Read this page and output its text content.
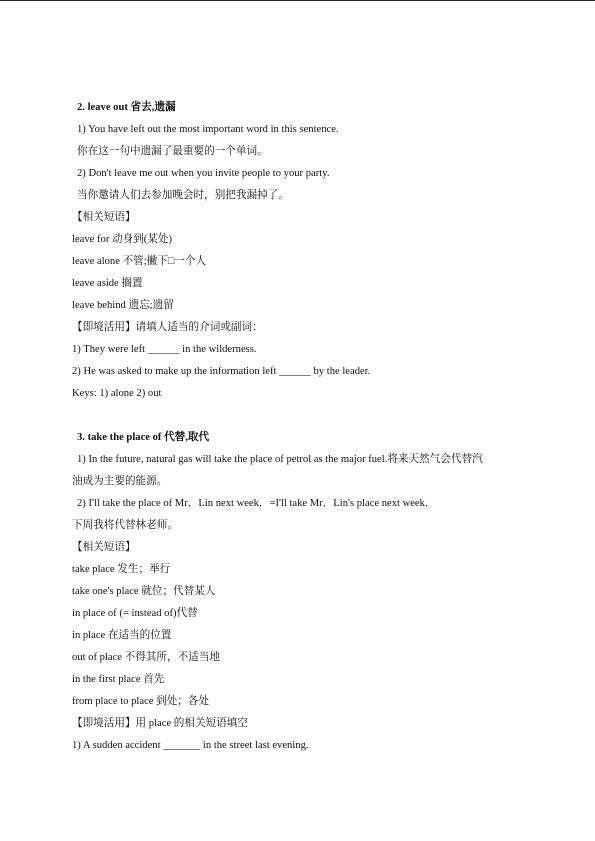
2. leave out 省去,遗漏
1) You have left out the most important word in this sentence.
你在这一句中遗漏了最重要的一个单词。
2) Don't leave me out when you invite people to your party.
当你邀请人们去参加晚会时，别把我漏掉了。
【相关短语】
leave for 动身到(某处)
leave alone 不管;撇下□一个人
leave aside 搁置
leave behind 遗忘;遗留
【即境活用】请填人适当的介词或副词：
1) They were left ______ in the wilderness.
2) He was asked to make up the information left ______ by the leader.
Keys: 1) alone 2) out
3. take the place of 代替,取代
1) In the future, natural gas will take the place of petrol as the major fuel.将来天然气会代替汽
油成为主要的能源。
2) I'll take the place of Mr．Lin next week．=I'll take Mr．Lin's place next week．
下周我将代替林老师。
【相关短语】
take place 发生；举行
take one's place 就位；代替某人
in place of (= instead of)代替
in place 在适当的位置
out of place 不得其所，不适当地
in the first place 首先
from place to place 到处；各处
【即境活用】用 place 的相关短语填空
1) A sudden accident _______ in the street last evening.
